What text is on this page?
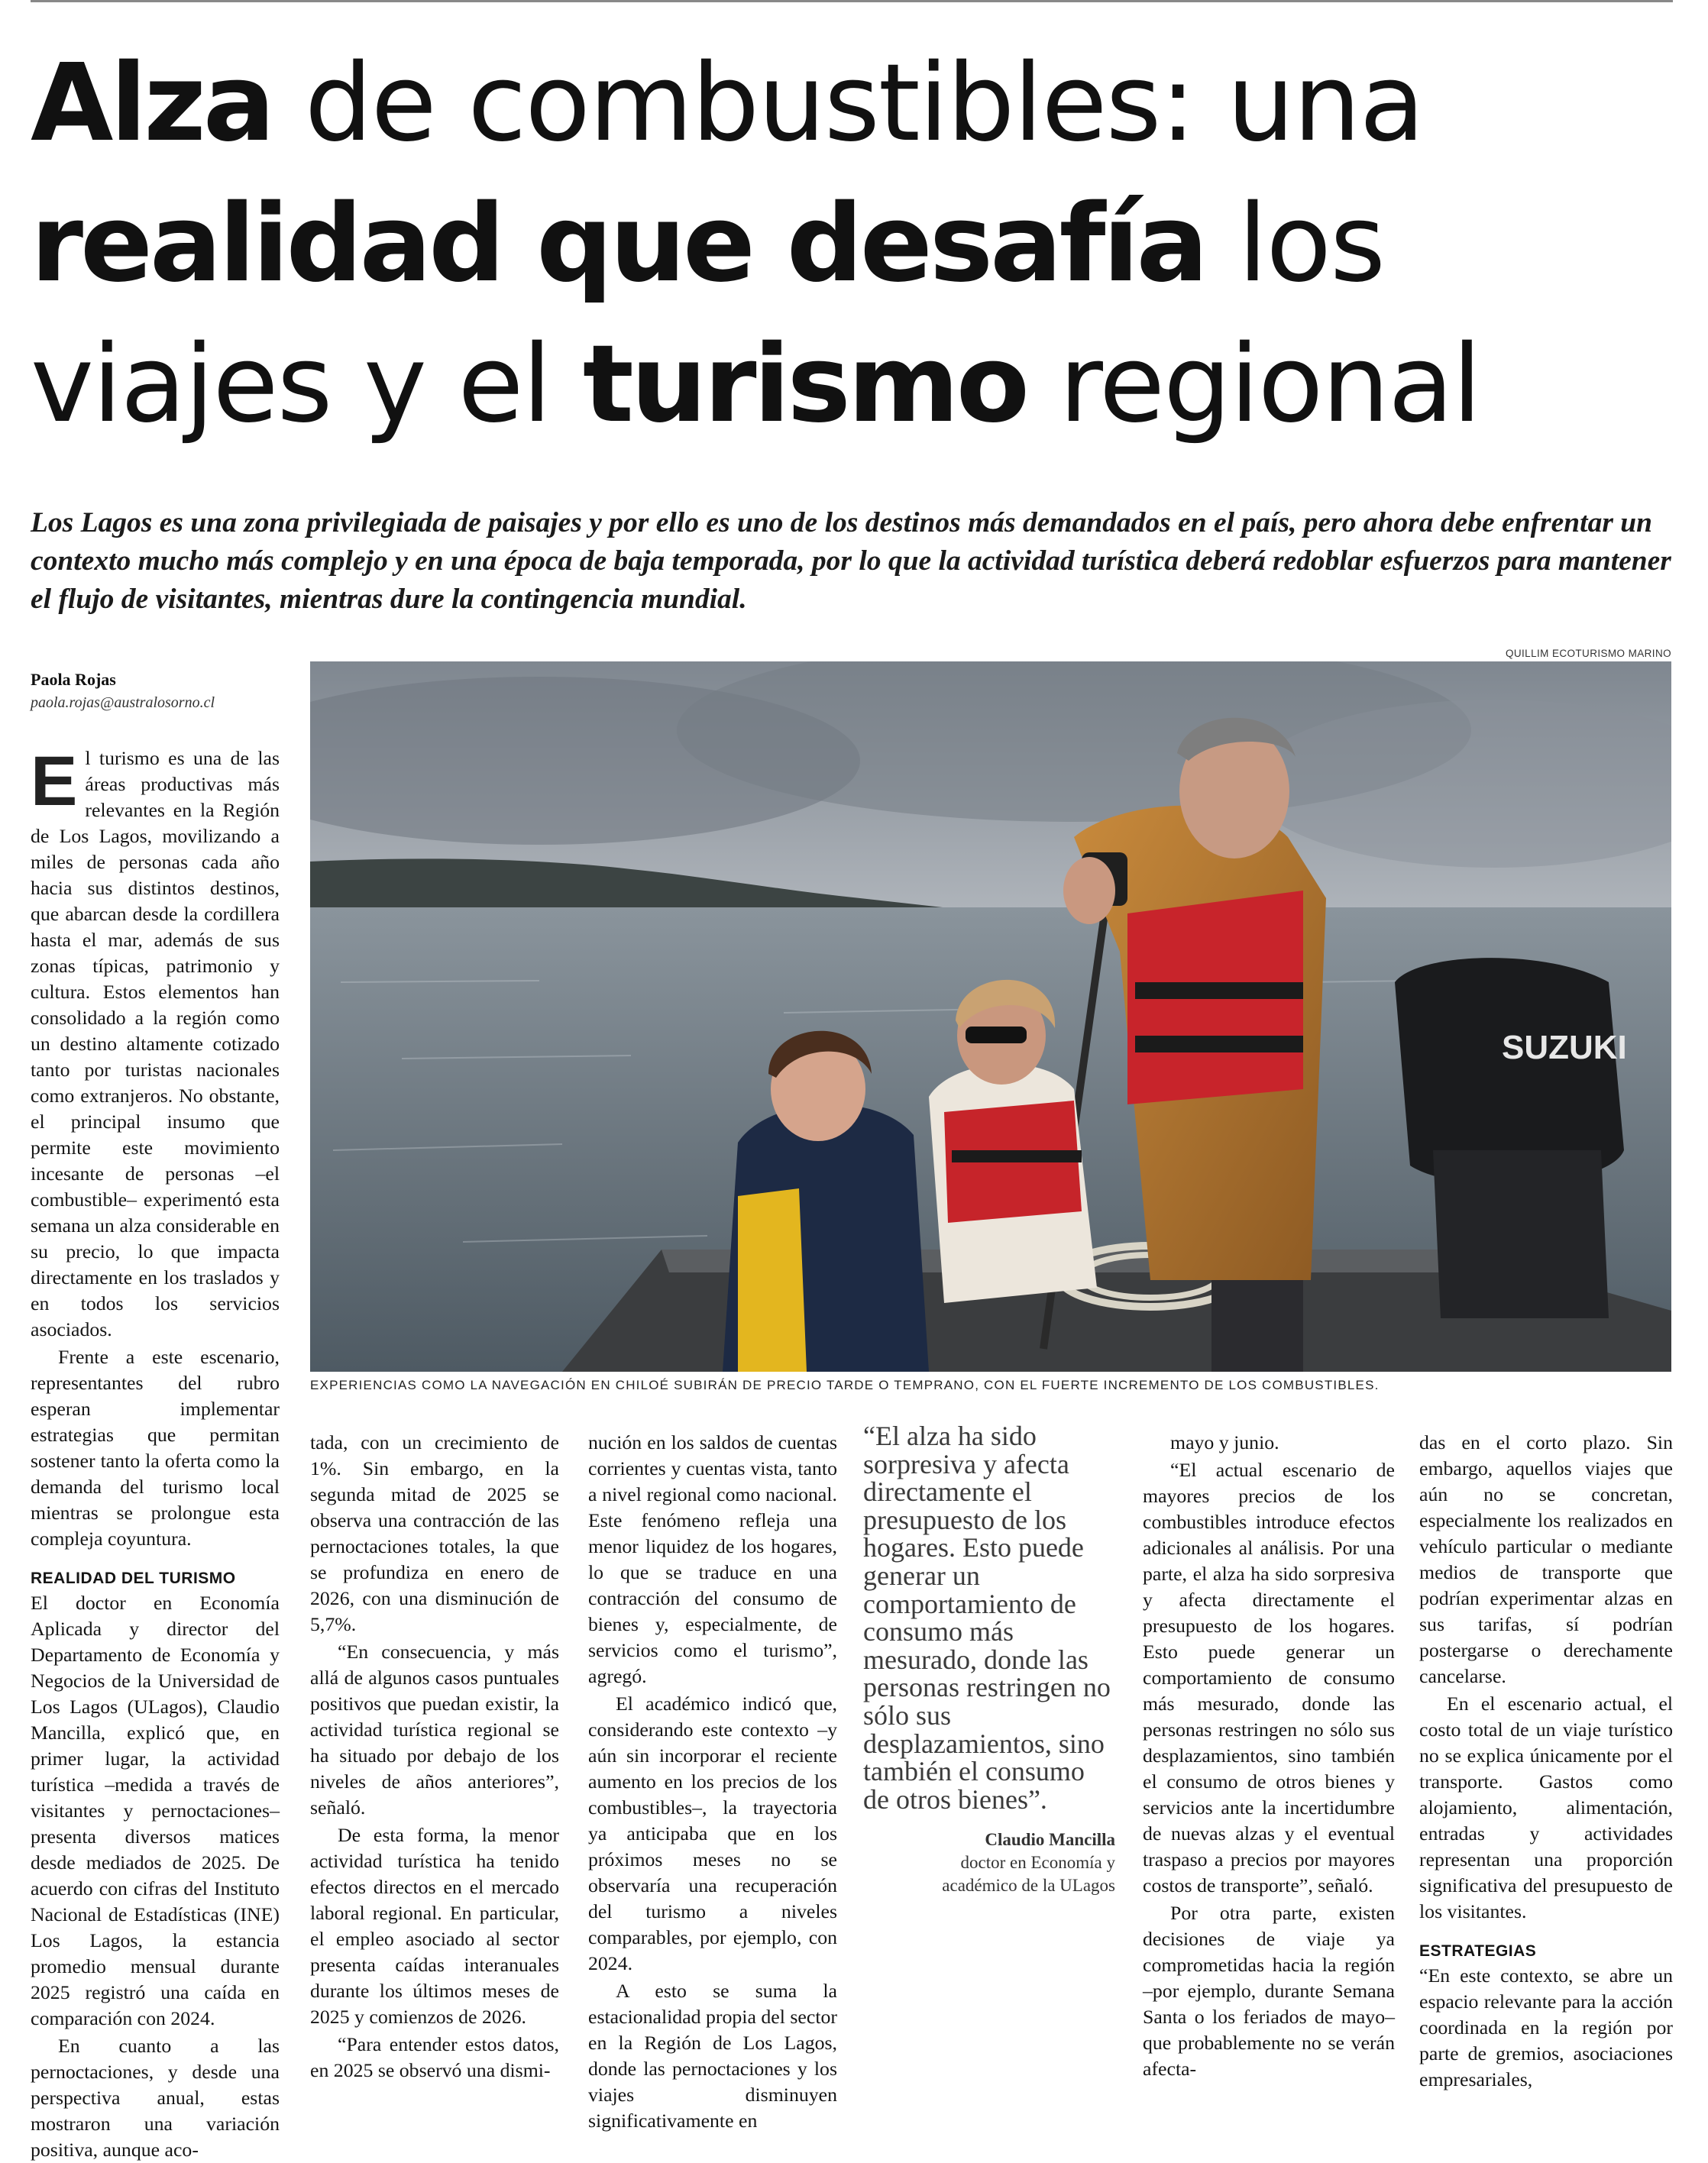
Alza de combustibles: una
realidad que desafía los
viajes y el turismo regional
Los Lagos es una zona privilegiada de paisajes y por ello es uno de los destinos más demandados en el país, pero ahora debe enfrentar un contexto mucho más complejo y en una época de baja temporada, por lo que la actividad turística deberá redoblar esfuerzos para mantener el flujo de visitantes, mientras dure la contingencia mundial.
Paola Rojas
paola.rojas@australosorno.cl
QUILLIM ECOTURISMO MARINO
SUZUKI
EXPERIENCIAS COMO LA NAVEGACIÓN EN CHILOÉ SUBIRÁN DE PRECIO TARDE O TEMPRANO, CON EL FUERTE INCREMENTO DE LOS COMBUSTIBLES.

El turismo es una de las áreas productivas más relevantes en la Región de Los Lagos, movilizando a miles de personas cada año hacia sus distintos destinos, que abarcan desde la cordillera hasta el mar, además de sus zonas típicas, patrimonio y cultura. Estos elementos han consolidado a la región como un destino altamente cotizado tanto por turistas nacionales como extranjeros. No obstante, el principal insumo que permite este movimiento incesante de personas –el combustible– experimentó esta semana un alza considerable en su precio, lo que impacta directamente en los traslados y en todos los servicios asociados.

Frente a este escenario, representantes del rubro esperan implementar estrategias que permitan sostener tanto la oferta como la demanda del turismo local mientras se prolongue esta compleja coyuntura.

REALIDAD DEL TURISMO

El doctor en Economía Aplicada y director del Departamento de Economía y Negocios de la Universidad de Los Lagos (ULagos), Claudio Mancilla, explicó que, en primer lugar, la actividad turística –medida a través de visitantes y pernoctaciones– presenta diversos matices desde mediados de 2025. De acuerdo con cifras del Instituto Nacional de Estadísticas (INE) Los Lagos, la estancia promedio mensual durante 2025 registró una caída en comparación con 2024.

En cuanto a las pernoctaciones, y desde una perspectiva anual, estas mostraron una variación positiva, aunque aco-

tada, con un crecimiento de 1%. Sin embargo, en la segunda mitad de 2025 se observa una contracción de las pernoctaciones totales, la que se profundiza en enero de 2026, con una disminución de 5,7%.

“En consecuencia, y más allá de algunos casos puntuales positivos que puedan existir, la actividad turística regional se ha situado por debajo de los niveles de años anteriores”, señaló.

De esta forma, la menor actividad turística ha tenido efectos directos en el mercado laboral regional. En particular, el empleo asociado al sector presenta caídas interanuales durante los últimos meses de 2025 y comienzos de 2026.

“Para entender estos datos, en 2025 se observó una dismi-

nución en los saldos de cuentas corrientes y cuentas vista, tanto a nivel regional como nacional. Este fenómeno refleja una menor liquidez de los hogares, lo que se traduce en una contracción del consumo de bienes y, especialmente, de servicios como el turismo”, agregó.

El académico indicó que, considerando este contexto –y aún sin incorporar el reciente aumento en los precios de los combustibles–, la trayectoria ya anticipaba que en los próximos meses no se observaría una recuperación del turismo a niveles comparables, por ejemplo, con 2024.

A esto se suma la estacionalidad propia del sector en la Región de Los Lagos, donde las pernoctaciones y los viajes disminuyen significativamente en

“El alza ha sido sorpresiva y afecta directamente el presupuesto de los hogares. Esto puede generar un comportamiento de consumo más mesurado, donde las personas restringen no sólo sus desplazamientos, sino también el consumo de otros bienes”.
Claudio Mancilla
doctor en Economía y
académico de la ULagos

mayo y junio.

“El actual escenario de mayores precios de los combustibles introduce efectos adicionales al análisis. Por una parte, el alza ha sido sorpresiva y afecta directamente el presupuesto de los hogares. Esto puede generar un comportamiento de consumo más mesurado, donde las personas restringen no sólo sus desplazamientos, sino también el consumo de otros bienes y servicios ante la incertidumbre de nuevas alzas y el eventual traspaso a precios por mayores costos de transporte”, señaló.

Por otra parte, existen decisiones de viaje ya comprometidas hacia la región –por ejemplo, durante Semana Santa o los feriados de mayo– que probablemente no se verán afecta-

das en el corto plazo. Sin embargo, aquellos viajes que aún no se concretan, especialmente los realizados en vehículo particular o mediante medios de transporte que podrían experimentar alzas en sus tarifas, sí podrían postergarse o derechamente cancelarse.

En el escenario actual, el costo total de un viaje turístico no se explica únicamente por el transporte. Gastos como alojamiento, alimentación, entradas y actividades representan una proporción significativa del presupuesto de los visitantes.

ESTRATEGIAS

“En este contexto, se abre un espacio relevante para la acción coordinada en la región por parte de gremios, asociaciones empresariales,
